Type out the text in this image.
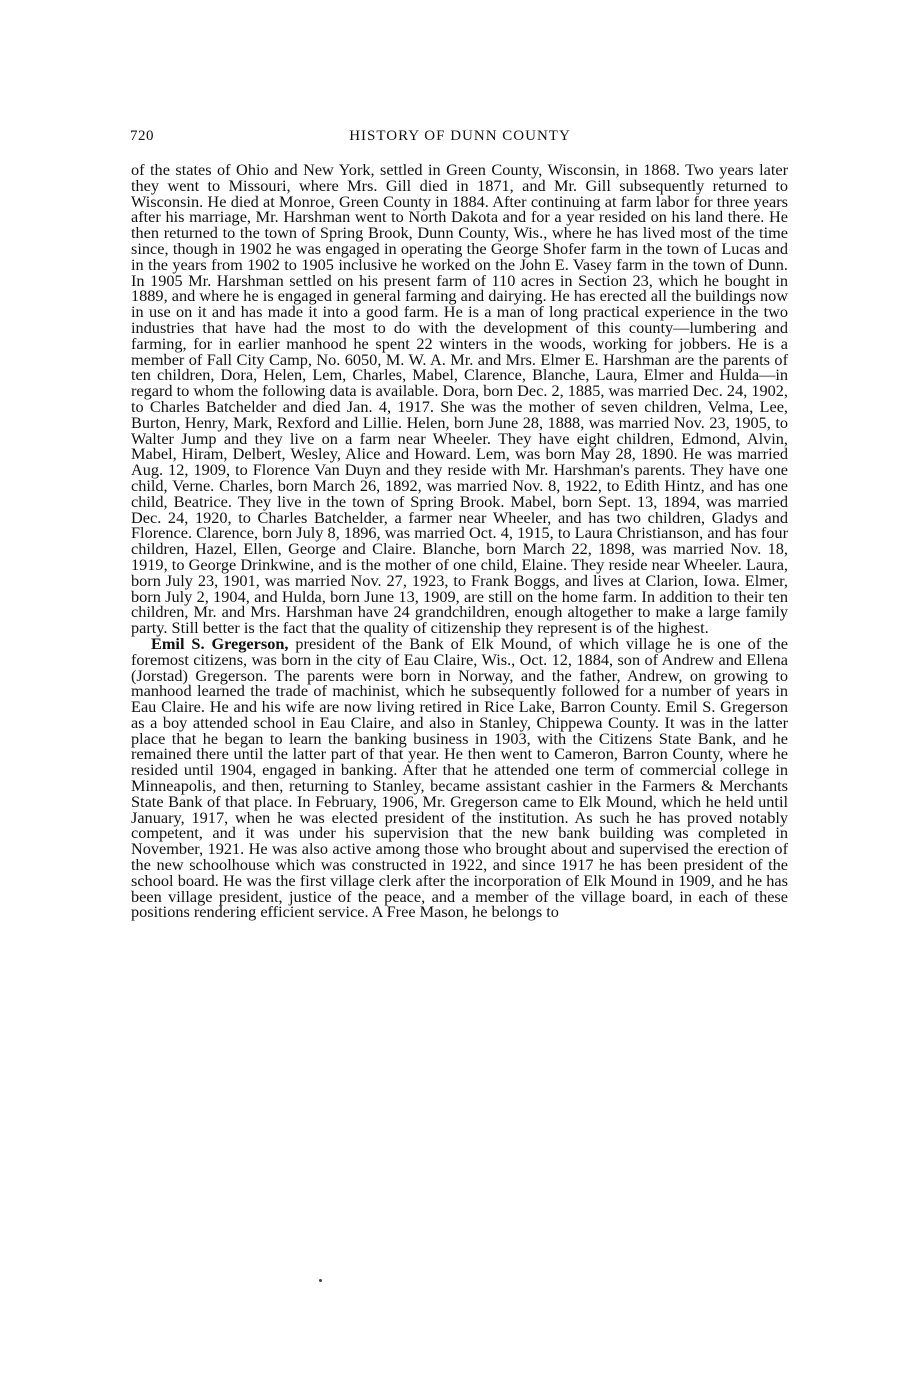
720	HISTORY OF DUNN COUNTY

of the states of Ohio and New York, settled in Green County, Wisconsin, in 1868. Two years later they went to Missouri, where Mrs. Gill died in 1871, and Mr. Gill subsequently returned to Wisconsin. He died at Monroe, Green County in 1884. After continuing at farm labor for three years after his marriage, Mr. Harshman went to North Dakota and for a year resided on his land there. He then returned to the town of Spring Brook, Dunn County, Wis., where he has lived most of the time since, though in 1902 he was engaged in operating the George Shofer farm in the town of Lucas and in the years from 1902 to 1905 inclusive he worked on the John E. Vasey farm in the town of Dunn. In 1905 Mr. Harshman settled on his present farm of 110 acres in Section 23, which he bought in 1889, and where he is engaged in general farming and dairying. He has erected all the buildings now in use on it and has made it into a good farm. He is a man of long practical experience in the two industries that have had the most to do with the development of this county—lumbering and farming, for in earlier manhood he spent 22 winters in the woods, working for jobbers. He is a member of Fall City Camp, No. 6050, M. W. A. Mr. and Mrs. Elmer E. Harshman are the parents of ten children, Dora, Helen, Lem, Charles, Mabel, Clarence, Blanche, Laura, Elmer and Hulda—in regard to whom the following data is available. Dora, born Dec. 2, 1885, was married Dec. 24, 1902, to Charles Batchelder and died Jan. 4, 1917. She was the mother of seven children, Velma, Lee, Burton, Henry, Mark, Rexford and Lillie. Helen, born June 28, 1888, was married Nov. 23, 1905, to Walter Jump and they live on a farm near Wheeler. They have eight children, Edmond, Alvin, Mabel, Hiram, Delbert, Wesley, Alice and Howard. Lem, was born May 28, 1890. He was married Aug. 12, 1909, to Florence Van Duyn and they reside with Mr. Harshman's parents. They have one child, Verne. Charles, born March 26, 1892, was married Nov. 8, 1922, to Edith Hintz, and has one child, Beatrice. They live in the town of Spring Brook. Mabel, born Sept. 13, 1894, was married Dec. 24, 1920, to Charles Batchelder, a farmer near Wheeler, and has two children, Gladys and Florence. Clarence, born July 8, 1896, was married Oct. 4, 1915, to Laura Christianson, and has four children, Hazel, Ellen, George and Claire. Blanche, born March 22, 1898, was married Nov. 18, 1919, to George Drinkwine, and is the mother of one child, Elaine. They reside near Wheeler. Laura, born July 23, 1901, was married Nov. 27, 1923, to Frank Boggs, and lives at Clarion, Iowa. Elmer, born July 2, 1904, and Hulda, born June 13, 1909, are still on the home farm. In addition to their ten children, Mr. and Mrs. Harshman have 24 grandchildren, enough altogether to make a large family party. Still better is the fact that the quality of citizenship they represent is of the highest.

Emil S. Gregerson, president of the Bank of Elk Mound, of which village he is one of the foremost citizens, was born in the city of Eau Claire, Wis., Oct. 12, 1884, son of Andrew and Ellena (Jorstad) Gregerson. The parents were born in Norway, and the father, Andrew, on growing to manhood learned the trade of machinist, which he subsequently followed for a number of years in Eau Claire. He and his wife are now living retired in Rice Lake, Barron County. Emil S. Gregerson as a boy attended school in Eau Claire, and also in Stanley, Chippewa County. It was in the latter place that he began to learn the banking business in 1903, with the Citizens State Bank, and he remained there until the latter part of that year. He then went to Cameron, Barron County, where he resided until 1904, engaged in banking. After that he attended one term of commercial college in Minneapolis, and then, returning to Stanley, became assistant cashier in the Farmers & Merchants State Bank of that place. In February, 1906, Mr. Gregerson came to Elk Mound, which he held until January, 1917, when he was elected president of the institution. As such he has proved notably competent, and it was under his supervision that the new bank building was completed in November, 1921. He was also active among those who brought about and supervised the erection of the new schoolhouse which was constructed in 1922, and since 1917 he has been president of the school board. He was the first village clerk after the incorporation of Elk Mound in 1909, and he has been village president, justice of the peace, and a member of the village board, in each of these positions rendering efficient service. A Free Mason, he belongs to
